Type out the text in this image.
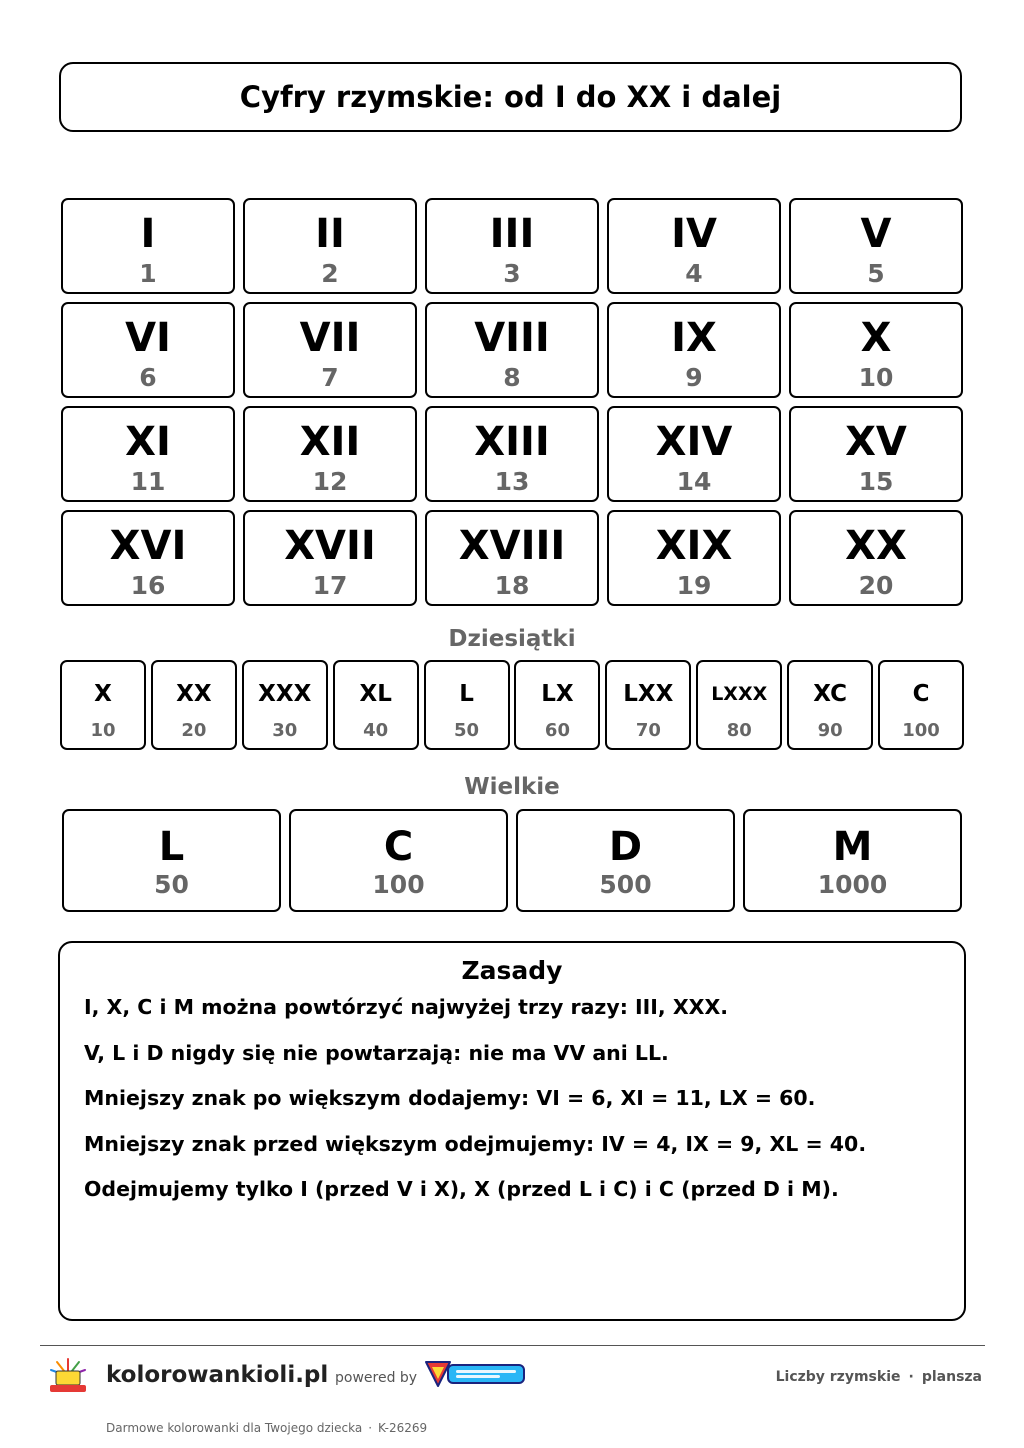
Cyfry rzymskie: od I do XX i dalej
I
1
II
2
III
3
IV
4
V
5
VI
6
VII
7
VIII
8
IX
9
X
10
XI
11
XII
12
XIII
13
XIV
14
XV
15
XVI
16
XVII
17
XVIII
18
XIX
19
XX
20
Dziesiątki
X
10
XX
20
XXX
30
XL
40
L
50
LX
60
LXX
70
LXXX
80
XC
90
C
100
Wielkie
L
50
C
100
D
500
M
1000
Zasady
I, X, C i M można powtórzyć najwyżej trzy razy: III, XXX.
V, L i D nigdy się nie powtarzają: nie ma VV ani LL.
Mniejszy znak po większym dodajemy: VI = 6, XI = 11, LX = 60.
Mniejszy znak przed większym odejmujemy: IV = 4, IX = 9, XL = 40.
Odejmujemy tylko I (przed V i X), X (przed L i C) i C (przed D i M).
kolorowankioli.pl powered by	Liczby rzymskie · plansza
Darmowe kolorowanki dla Twojego dziecka · K-26269
